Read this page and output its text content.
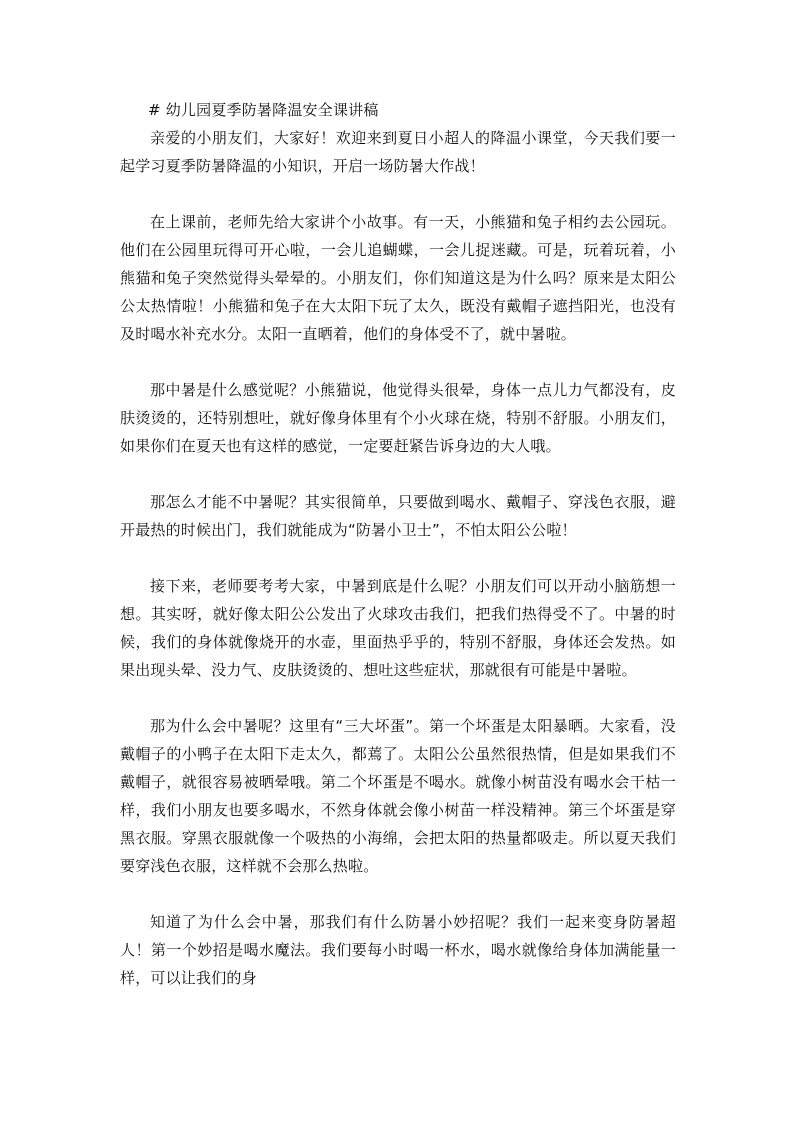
# 幼儿园夏季防暑降温安全课讲稿

亲爱的小朋友们，大家好！欢迎来到夏日小超人的降温小课堂，今天我们要一起学习夏季防暑降温的小知识，开启一场防暑大作战！

在上课前，老师先给大家讲个小故事。有一天，小熊猫和兔子相约去公园玩。他们在公园里玩得可开心啦，一会儿追蝴蝶，一会儿捉迷藏。可是，玩着玩着，小熊猫和兔子突然觉得头晕晕的。小朋友们，你们知道这是为什么吗？原来是太阳公公太热情啦！小熊猫和兔子在大太阳下玩了太久，既没有戴帽子遮挡阳光，也没有及时喝水补充水分。太阳一直晒着，他们的身体受不了，就中暑啦。

那中暑是什么感觉呢？小熊猫说，他觉得头很晕，身体一点儿力气都没有，皮肤烫烫的，还特别想吐，就好像身体里有个小火球在烧，特别不舒服。小朋友们，如果你们在夏天也有这样的感觉，一定要赶紧告诉身边的大人哦。

那怎么才能不中暑呢？其实很简单，只要做到喝水、戴帽子、穿浅色衣服，避开最热的时候出门，我们就能成为“防暑小卫士”，不怕太阳公公啦！

接下来，老师要考考大家，中暑到底是什么呢？小朋友们可以开动小脑筋想一想。其实呀，就好像太阳公公发出了火球攻击我们，把我们热得受不了。中暑的时候，我们的身体就像烧开的水壶，里面热乎乎的，特别不舒服，身体还会发热。如果出现头晕、没力气、皮肤烫烫的、想吐这些症状，那就很有可能是中暑啦。

那为什么会中暑呢？这里有“三大坏蛋”。第一个坏蛋是太阳暴晒。大家看，没戴帽子的小鸭子在太阳下走太久，都蔫了。太阳公公虽然很热情，但是如果我们不戴帽子，就很容易被晒晕哦。第二个坏蛋是不喝水。就像小树苗没有喝水会干枯一样，我们小朋友也要多喝水，不然身体就会像小树苗一样没精神。第三个坏蛋是穿黑衣服。穿黑衣服就像一个吸热的小海绵，会把太阳的热量都吸走。所以夏天我们要穿浅色衣服，这样就不会那么热啦。

知道了为什么会中暑，那我们有什么防暑小妙招呢？我们一起来变身防暑超人！第一个妙招是喝水魔法。我们要每小时喝一杯水，喝水就像给身体加满能量一样，可以让我们的身
